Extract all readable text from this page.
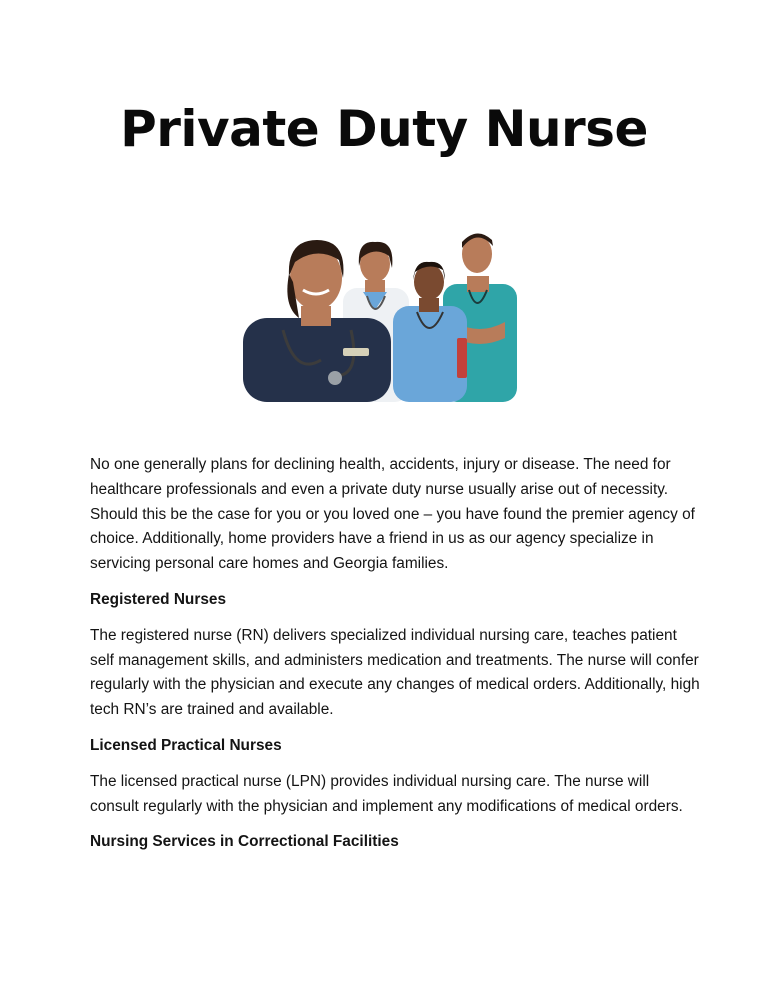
Private Duty Nurse

No one generally plans for declining health, accidents, injury or disease. The need for healthcare professionals and even a private duty nurse usually arise out of necessity. Should this be the case for you or you loved one – you have found the premier agency of choice. Additionally, home providers have a friend in us as our agency specialize in servicing personal care homes and Georgia families.

Registered Nurses

The registered nurse (RN) delivers specialized individual nursing care, teaches patient self management skills, and administers medication and treatments. The nurse will confer regularly with the physician and execute any changes of medical orders. Additionally, high tech RN’s are trained and available.

Licensed Practical Nurses

The licensed practical nurse (LPN) provides individual nursing care. The nurse will consult regularly with the physician and implement any modifications of medical orders.

Nursing Services in Correctional Facilities
